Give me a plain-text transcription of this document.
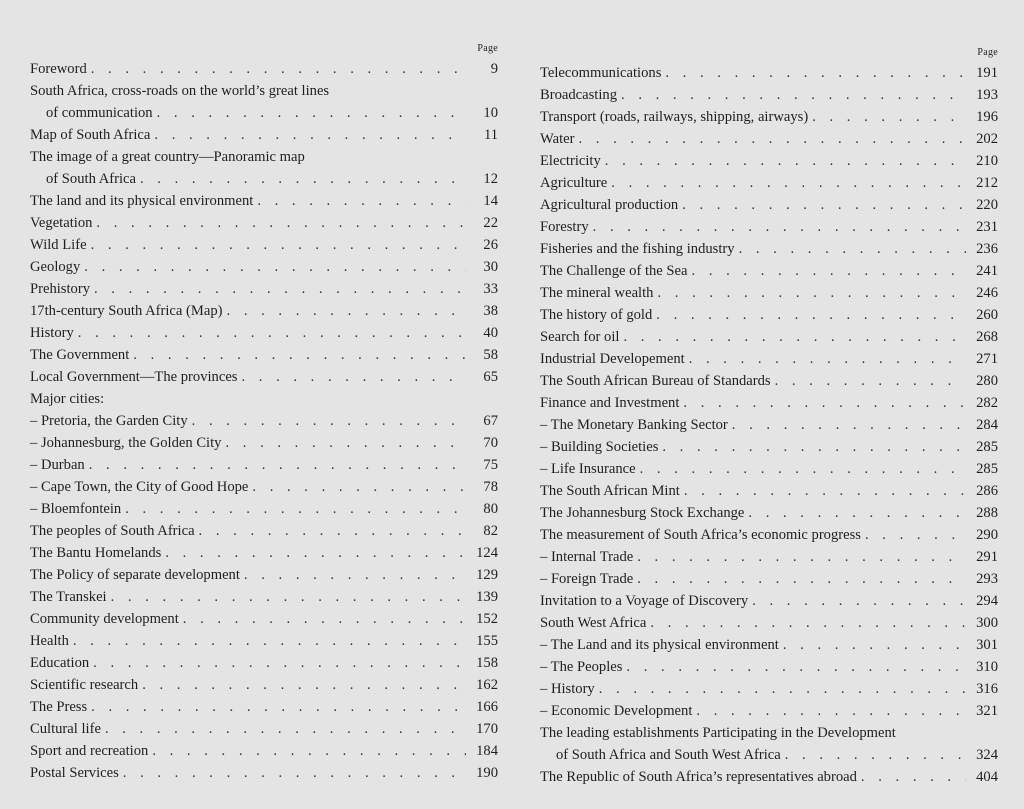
Page
Foreword . . .	9
South Africa, cross-roads on the world’s great lines
of communication . . .	10
Map of South Africa . . .	11
The image of a great country—Panoramic map
of South Africa . . .	12
The land and its physical environment . . .	14
Vegetation . . .	22
Wild Life . . .	26
Geology . . .	30
Prehistory . . .	33
17th-century South Africa (Map) . . .	38
History . . .	40
The Government . . .	58
Local Government—The provinces . . .	65
Major cities:
– Pretoria, the Garden City . . .	67
– Johannesburg, the Golden City . . .	70
– Durban . . .	75
– Cape Town, the City of Good Hope . . .	78
– Bloemfontein . . .	80
The peoples of South Africa . . .	82
The Bantu Homelands . . .	124
The Policy of separate development . . .	129
The Transkei . . .	139
Community development . . .	152
Health . . .	155
Education . . .	158
Scientific research . . .	162
The Press . . .	166
Cultural life . . .	170
Sport and recreation . . .	184
Postal Services . . .	190
Page
Telecommunications . . .	191
Broadcasting . . .	193
Transport (roads, railways, shipping, airways) . . .	196
Water . . .	202
Electricity . . .	210
Agriculture . . .	212
Agricultural production . . .	220
Forestry . . .	231
Fisheries and the fishing industry . . .	236
The Challenge of the Sea . . .	241
The mineral wealth . . .	246
The history of gold . . .	260
Search for oil . . .	268
Industrial Developement . . .	271
The South African Bureau of Standards . . .	280
Finance and Investment . . .	282
– The Monetary Banking Sector . . .	284
– Building Societies . . .	285
– Life Insurance . . .	285
The South African Mint . . .	286
The Johannesburg Stock Exchange . . .	288
The measurement of South Africa’s economic progress . . .	290
– Internal Trade . . .	291
– Foreign Trade . . .	293
Invitation to a Voyage of Discovery . . .	294
South West Africa . . .	300
– The Land and its physical environment . . .	301
– The Peoples . . .	310
– History . . .	316
– Economic Development . . .	321
The leading establishments Participating in the Development
of South Africa and South West Africa . . .	324
The Republic of South Africa’s representatives abroad . . .	404
